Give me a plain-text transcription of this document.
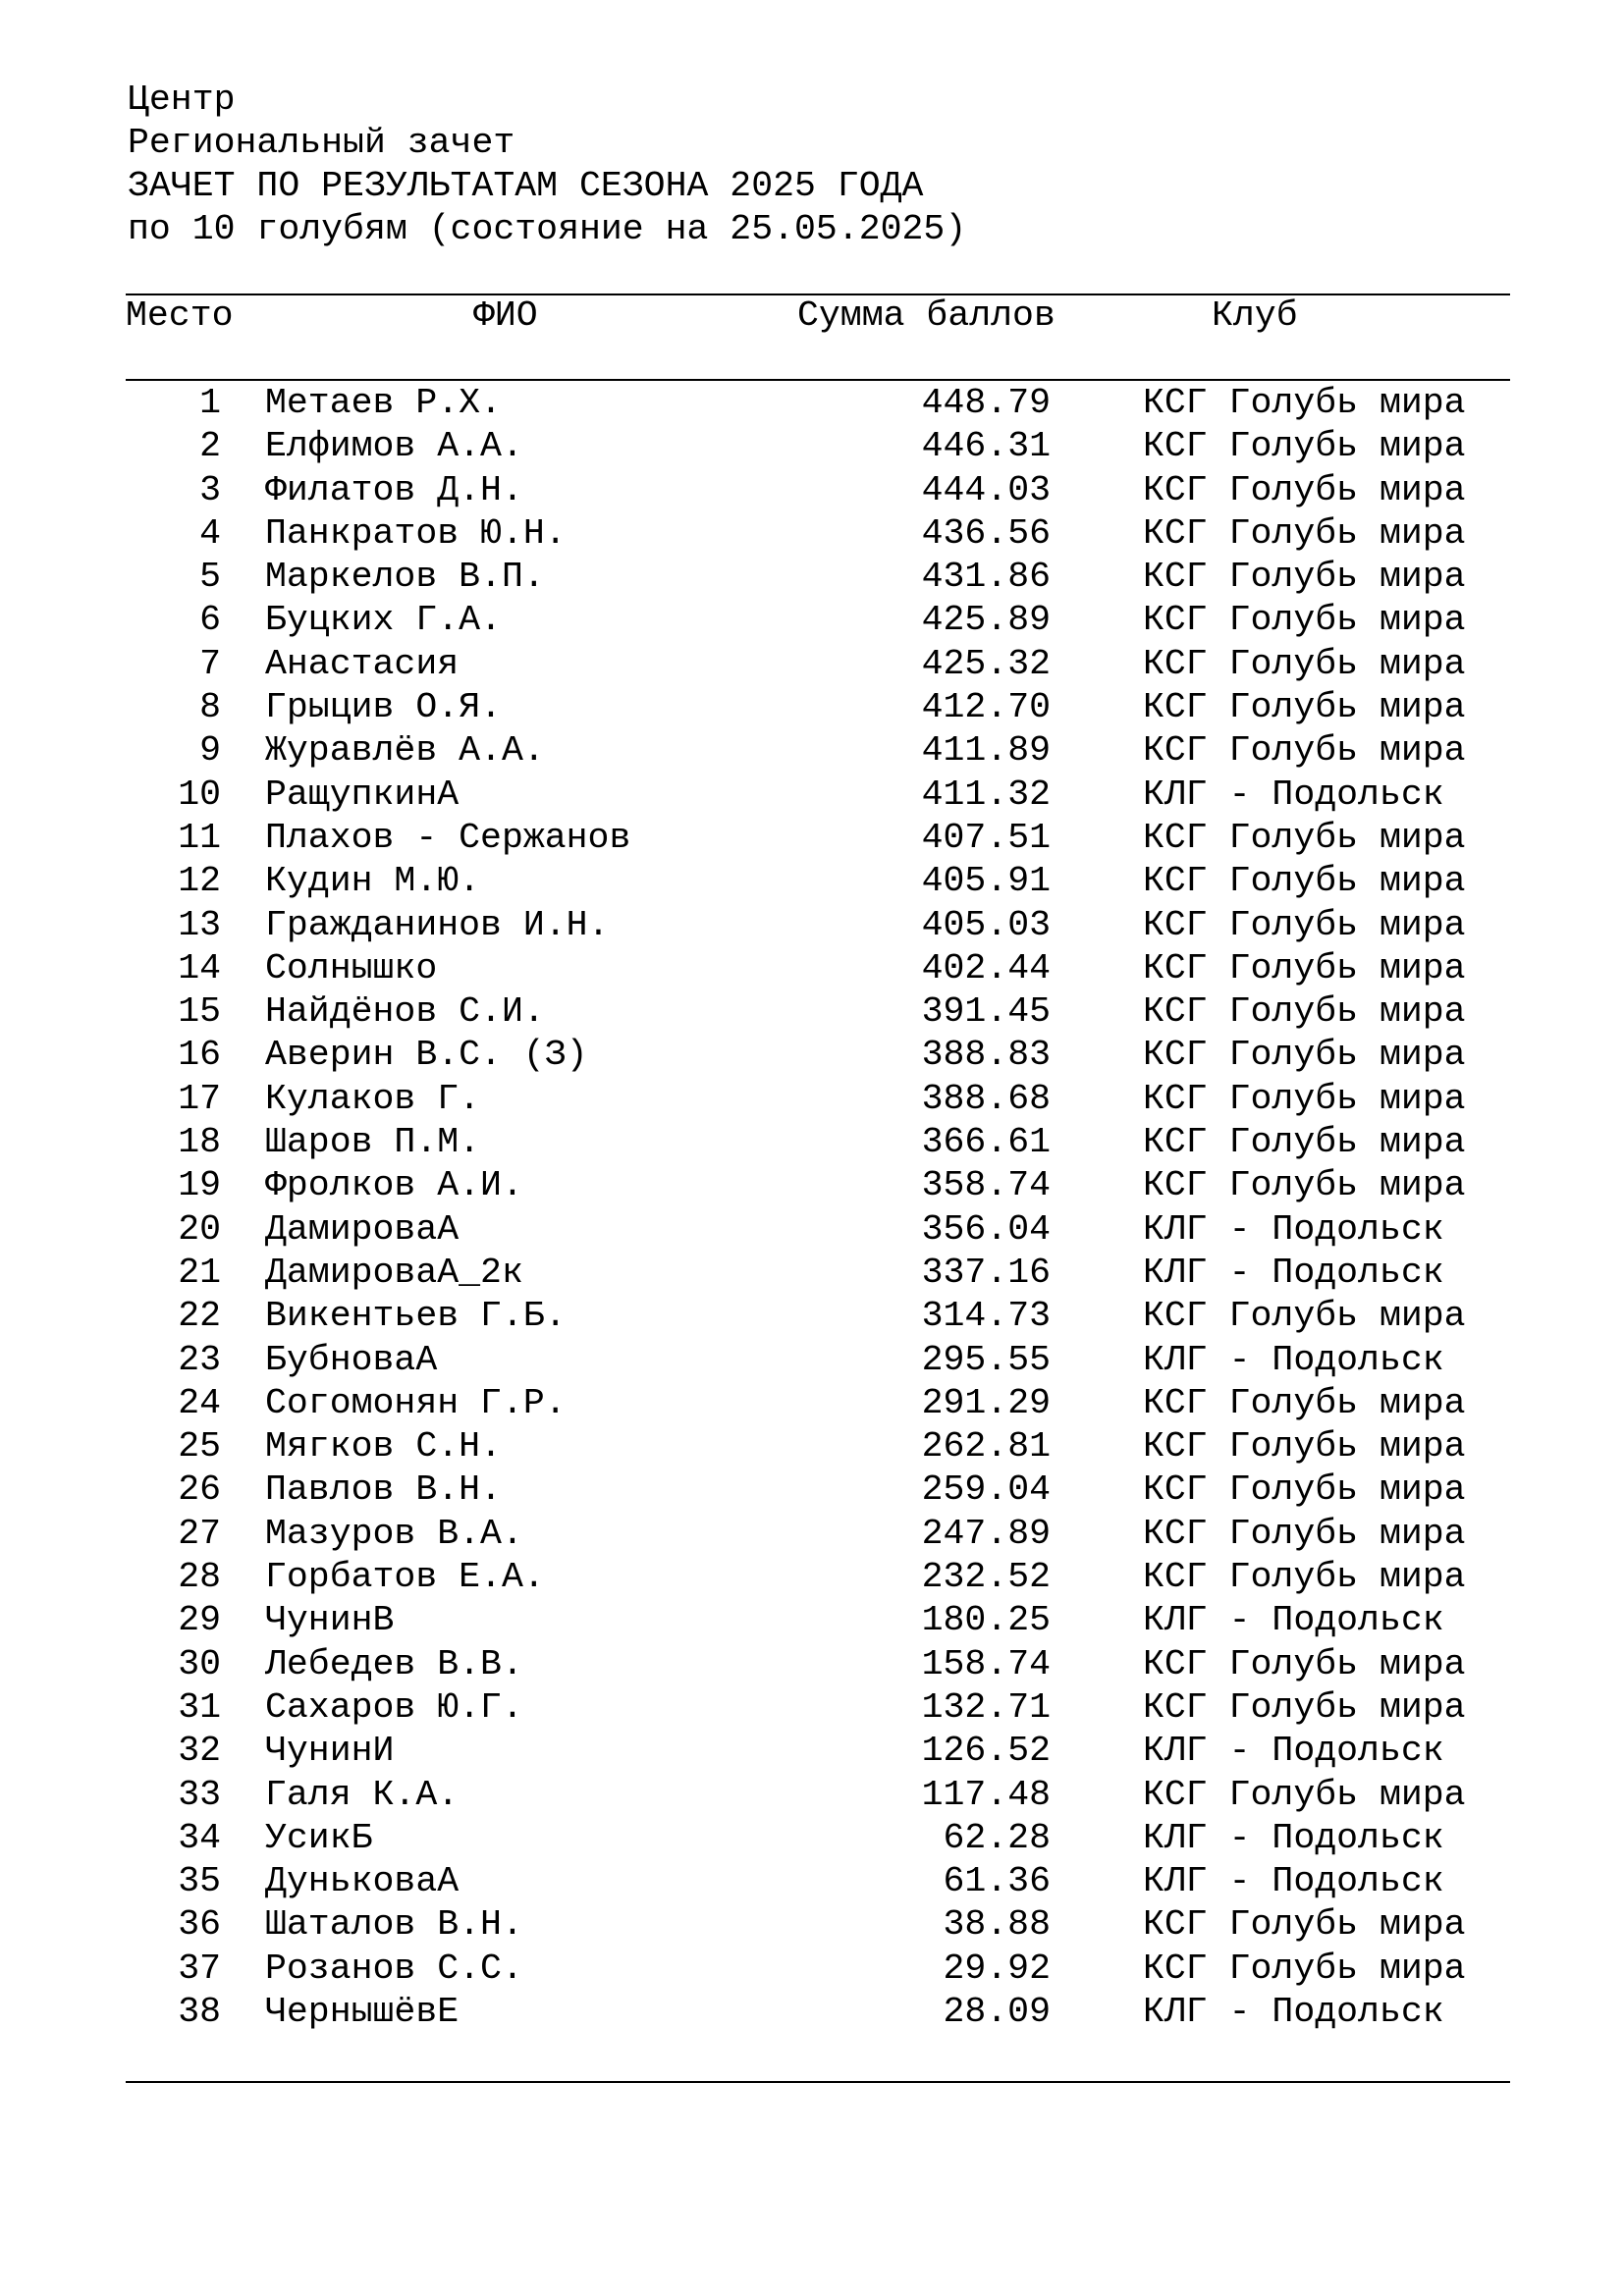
Центр
Региональный зачет
ЗАЧЕТ ПО РЕЗУЛЬТАТАМ СЕЗОНА 2025 ГОДА
по 10 голубям (состояние на 25.05.2025)
Место	ФИО	Сумма баллов	Клуб
1 Метаев Р.Х.	448.79	КСГ Голубь мира
2 Елфимов А.А.	446.31	КСГ Голубь мира
3 Филатов Д.Н.	444.03	КСГ Голубь мира
4 Панкратов Ю.Н.	436.56	КСГ Голубь мира
5 Маркелов В.П.	431.86	КСГ Голубь мира
6 Буцких Г.А.	425.89	КСГ Голубь мира
7 Анастасия	425.32	КСГ Голубь мира
8 Грыцив О.Я.	412.70	КСГ Голубь мира
9 Журавлёв А.А.	411.89	КСГ Голубь мира
10 РащупкинА	411.32	КЛГ - Подольск
11 Плахов - Сержанов	407.51	КСГ Голубь мира
12 Кудин М.Ю.	405.91	КСГ Голубь мира
13 Гражданинов И.Н.	405.03	КСГ Голубь мира
14 Солнышко	402.44	КСГ Голубь мира
15 Найдёнов С.И.	391.45	КСГ Голубь мира
16 Аверин В.С. (З)	388.83	КСГ Голубь мира
17 Кулаков Г.	388.68	КСГ Голубь мира
18 Шаров П.М.	366.61	КСГ Голубь мира
19 Фролков А.И.	358.74	КСГ Голубь мира
20 ДамироваА	356.04	КЛГ - Подольск
21 ДамироваА_2к	337.16	КЛГ - Подольск
22 Викентьев Г.Б.	314.73	КСГ Голубь мира
23 БубноваА	295.55	КЛГ - Подольск
24 Согомонян Г.Р.	291.29	КСГ Голубь мира
25 Мягков С.Н.	262.81	КСГ Голубь мира
26 Павлов В.Н.	259.04	КСГ Голубь мира
27 Мазуров В.А.	247.89	КСГ Голубь мира
28 Горбатов Е.А.	232.52	КСГ Голубь мира
29 ЧунинВ	180.25	КЛГ - Подольск
30 Лебедев В.В.	158.74	КСГ Голубь мира
31 Сахаров Ю.Г.	132.71	КСГ Голубь мира
32 ЧунинИ	126.52	КЛГ - Подольск
33 Галя К.А.	117.48	КСГ Голубь мира
34 УсикБ	62.28	КЛГ - Подольск
35 ДуньковаА	61.36	КЛГ - Подольск
36 Шаталов В.Н.	38.88	КСГ Голубь мира
37 Розанов С.С.	29.92	КСГ Голубь мира
38 ЧернышёвЕ	28.09	КЛГ - Подольск
